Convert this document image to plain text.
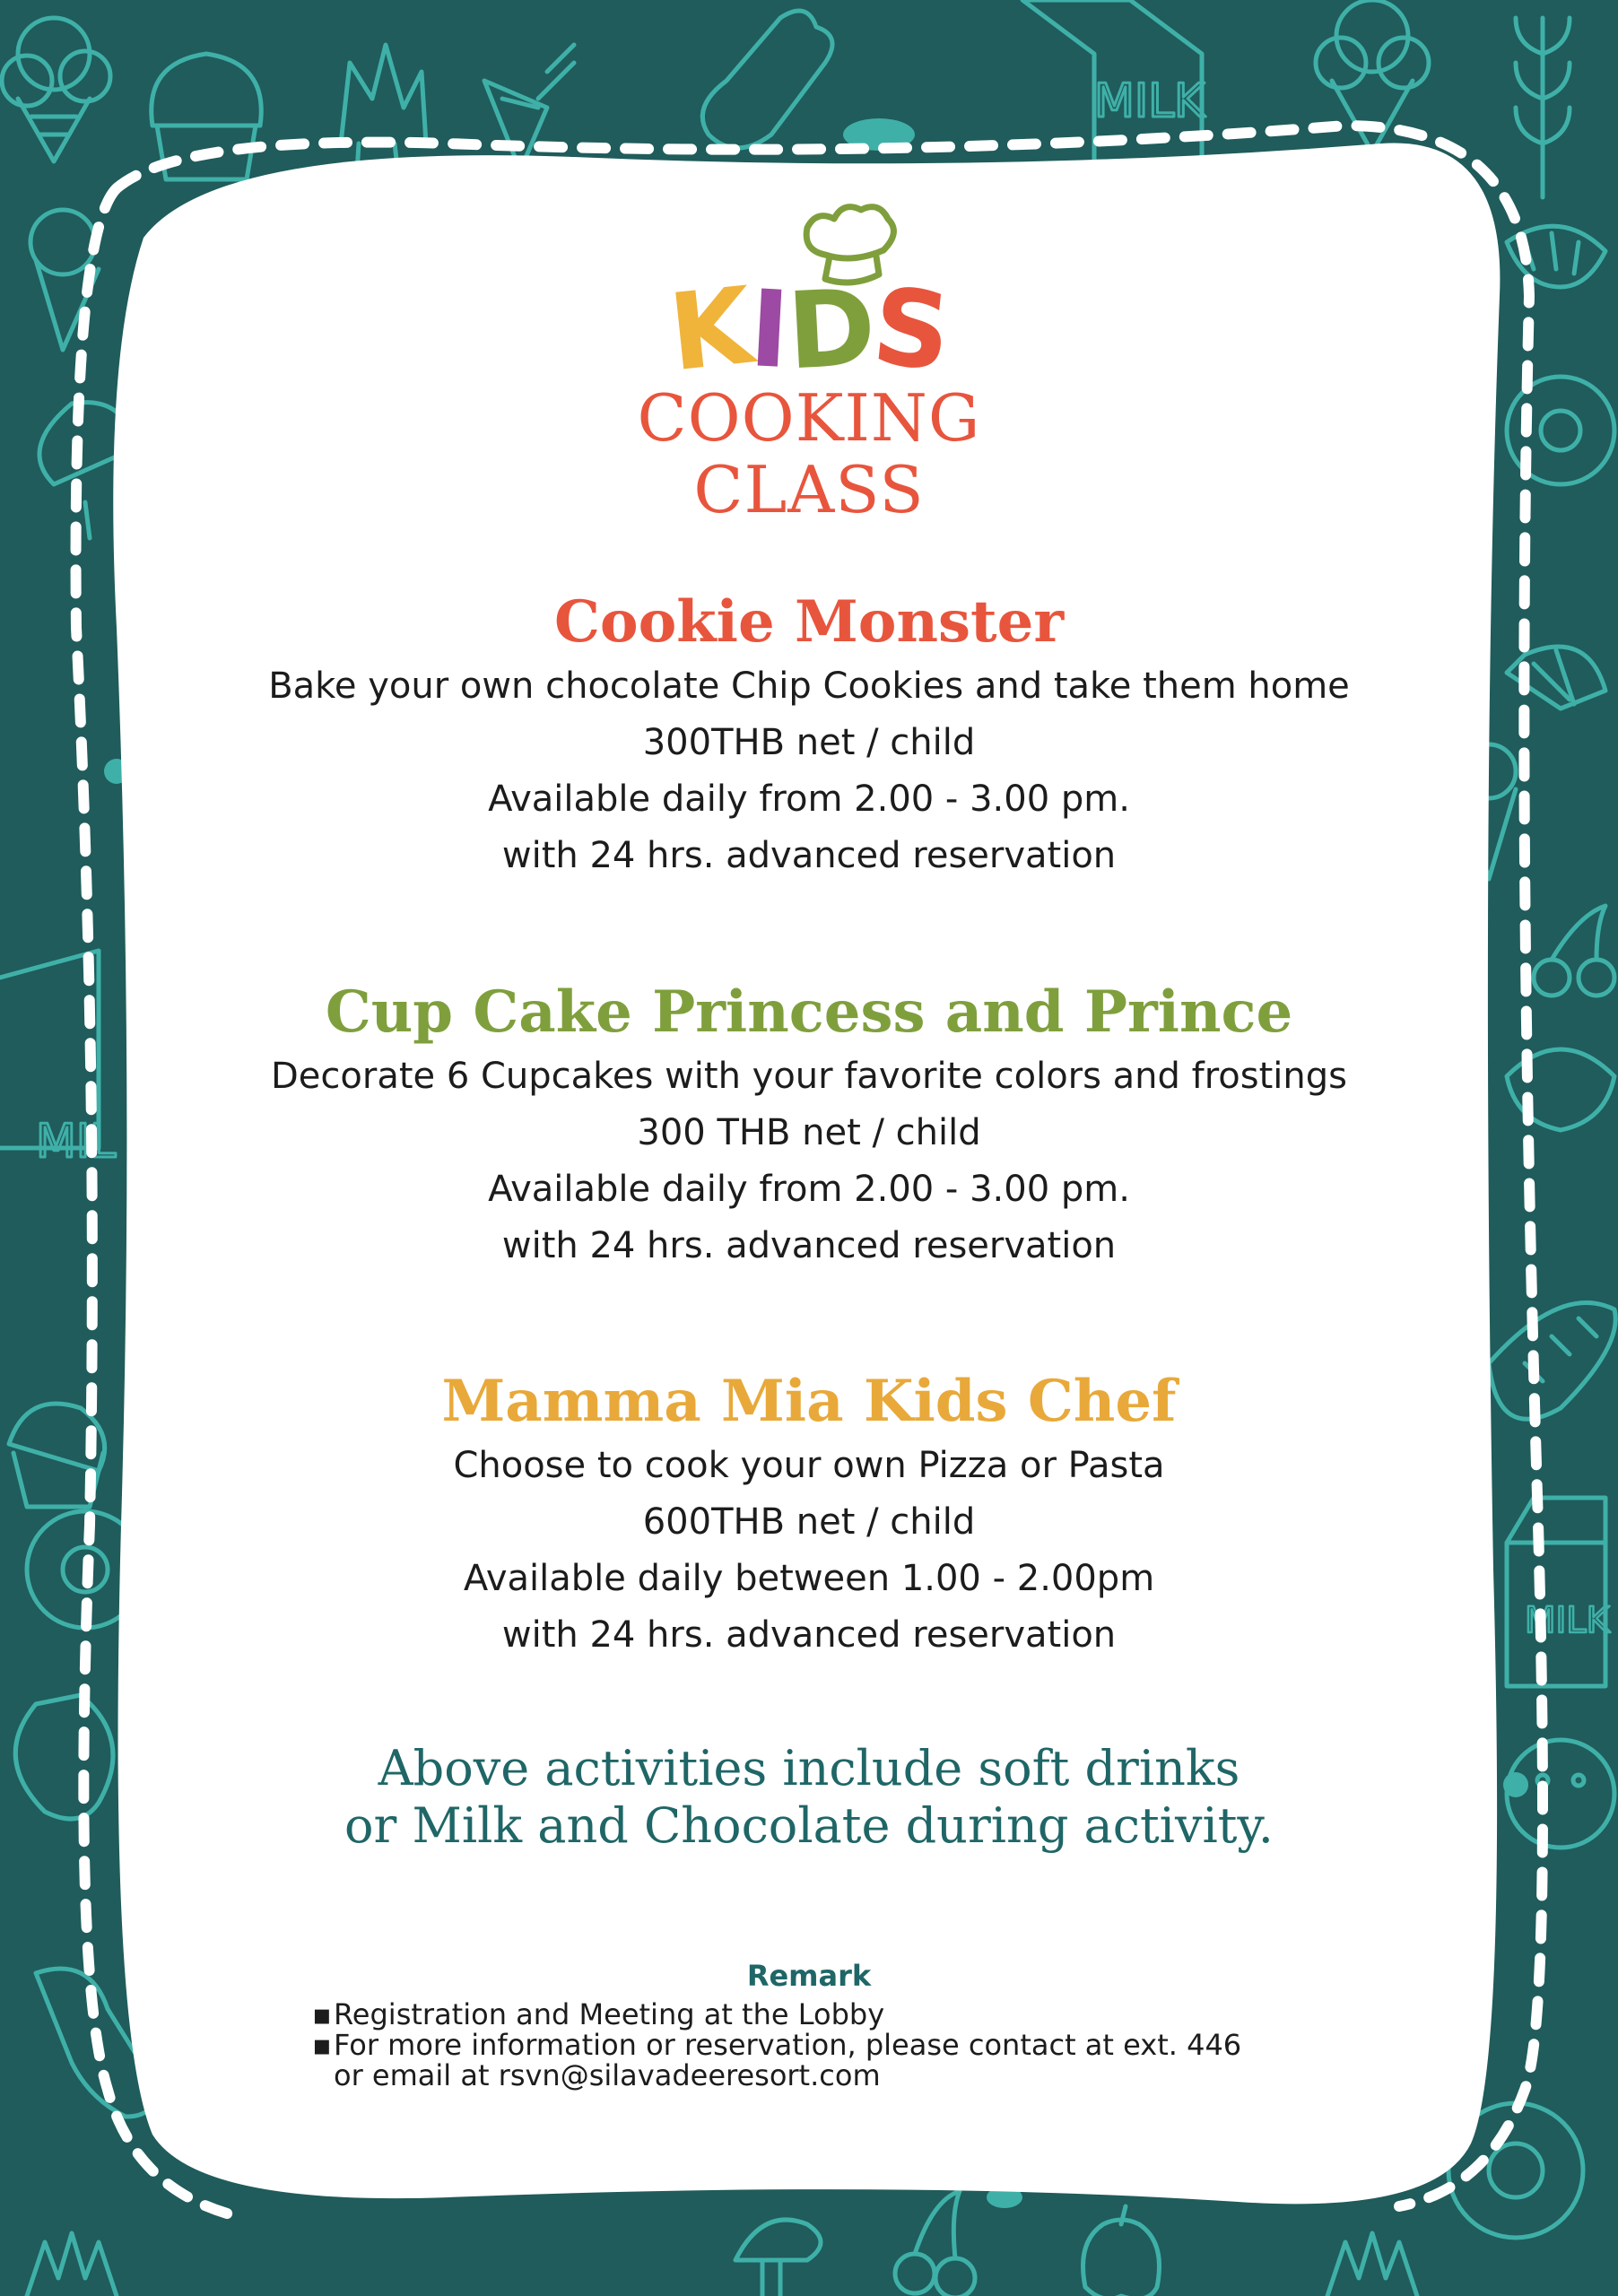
MILK
MIL
MILK
KIDS
COOKING
CLASS
Cookie Monster

Bake your own chocolate Chip Cookies and take them home

300THB net / child

Available daily from 2.00 - 3.00 pm.

with 24 hrs. advanced reservation

Cup Cake Princess and Prince

Decorate 6 Cupcakes with your favorite colors and frostings

300 THB net / child

Available daily from 2.00 - 3.00 pm.

with 24 hrs. advanced reservation

Mamma Mia Kids Chef

Choose to cook your own Pizza or Pasta

600THB net / child

Available daily between 1.00 - 2.00pm

with 24 hrs. advanced reservation

Above activities include soft drinks
or Milk and Chocolate during activity.
Remark
▪ Registration and Meeting at the Lobby
▪ For more information or reservation, please contact at ext. 446
or email at rsvn@silavadeeresort.com
